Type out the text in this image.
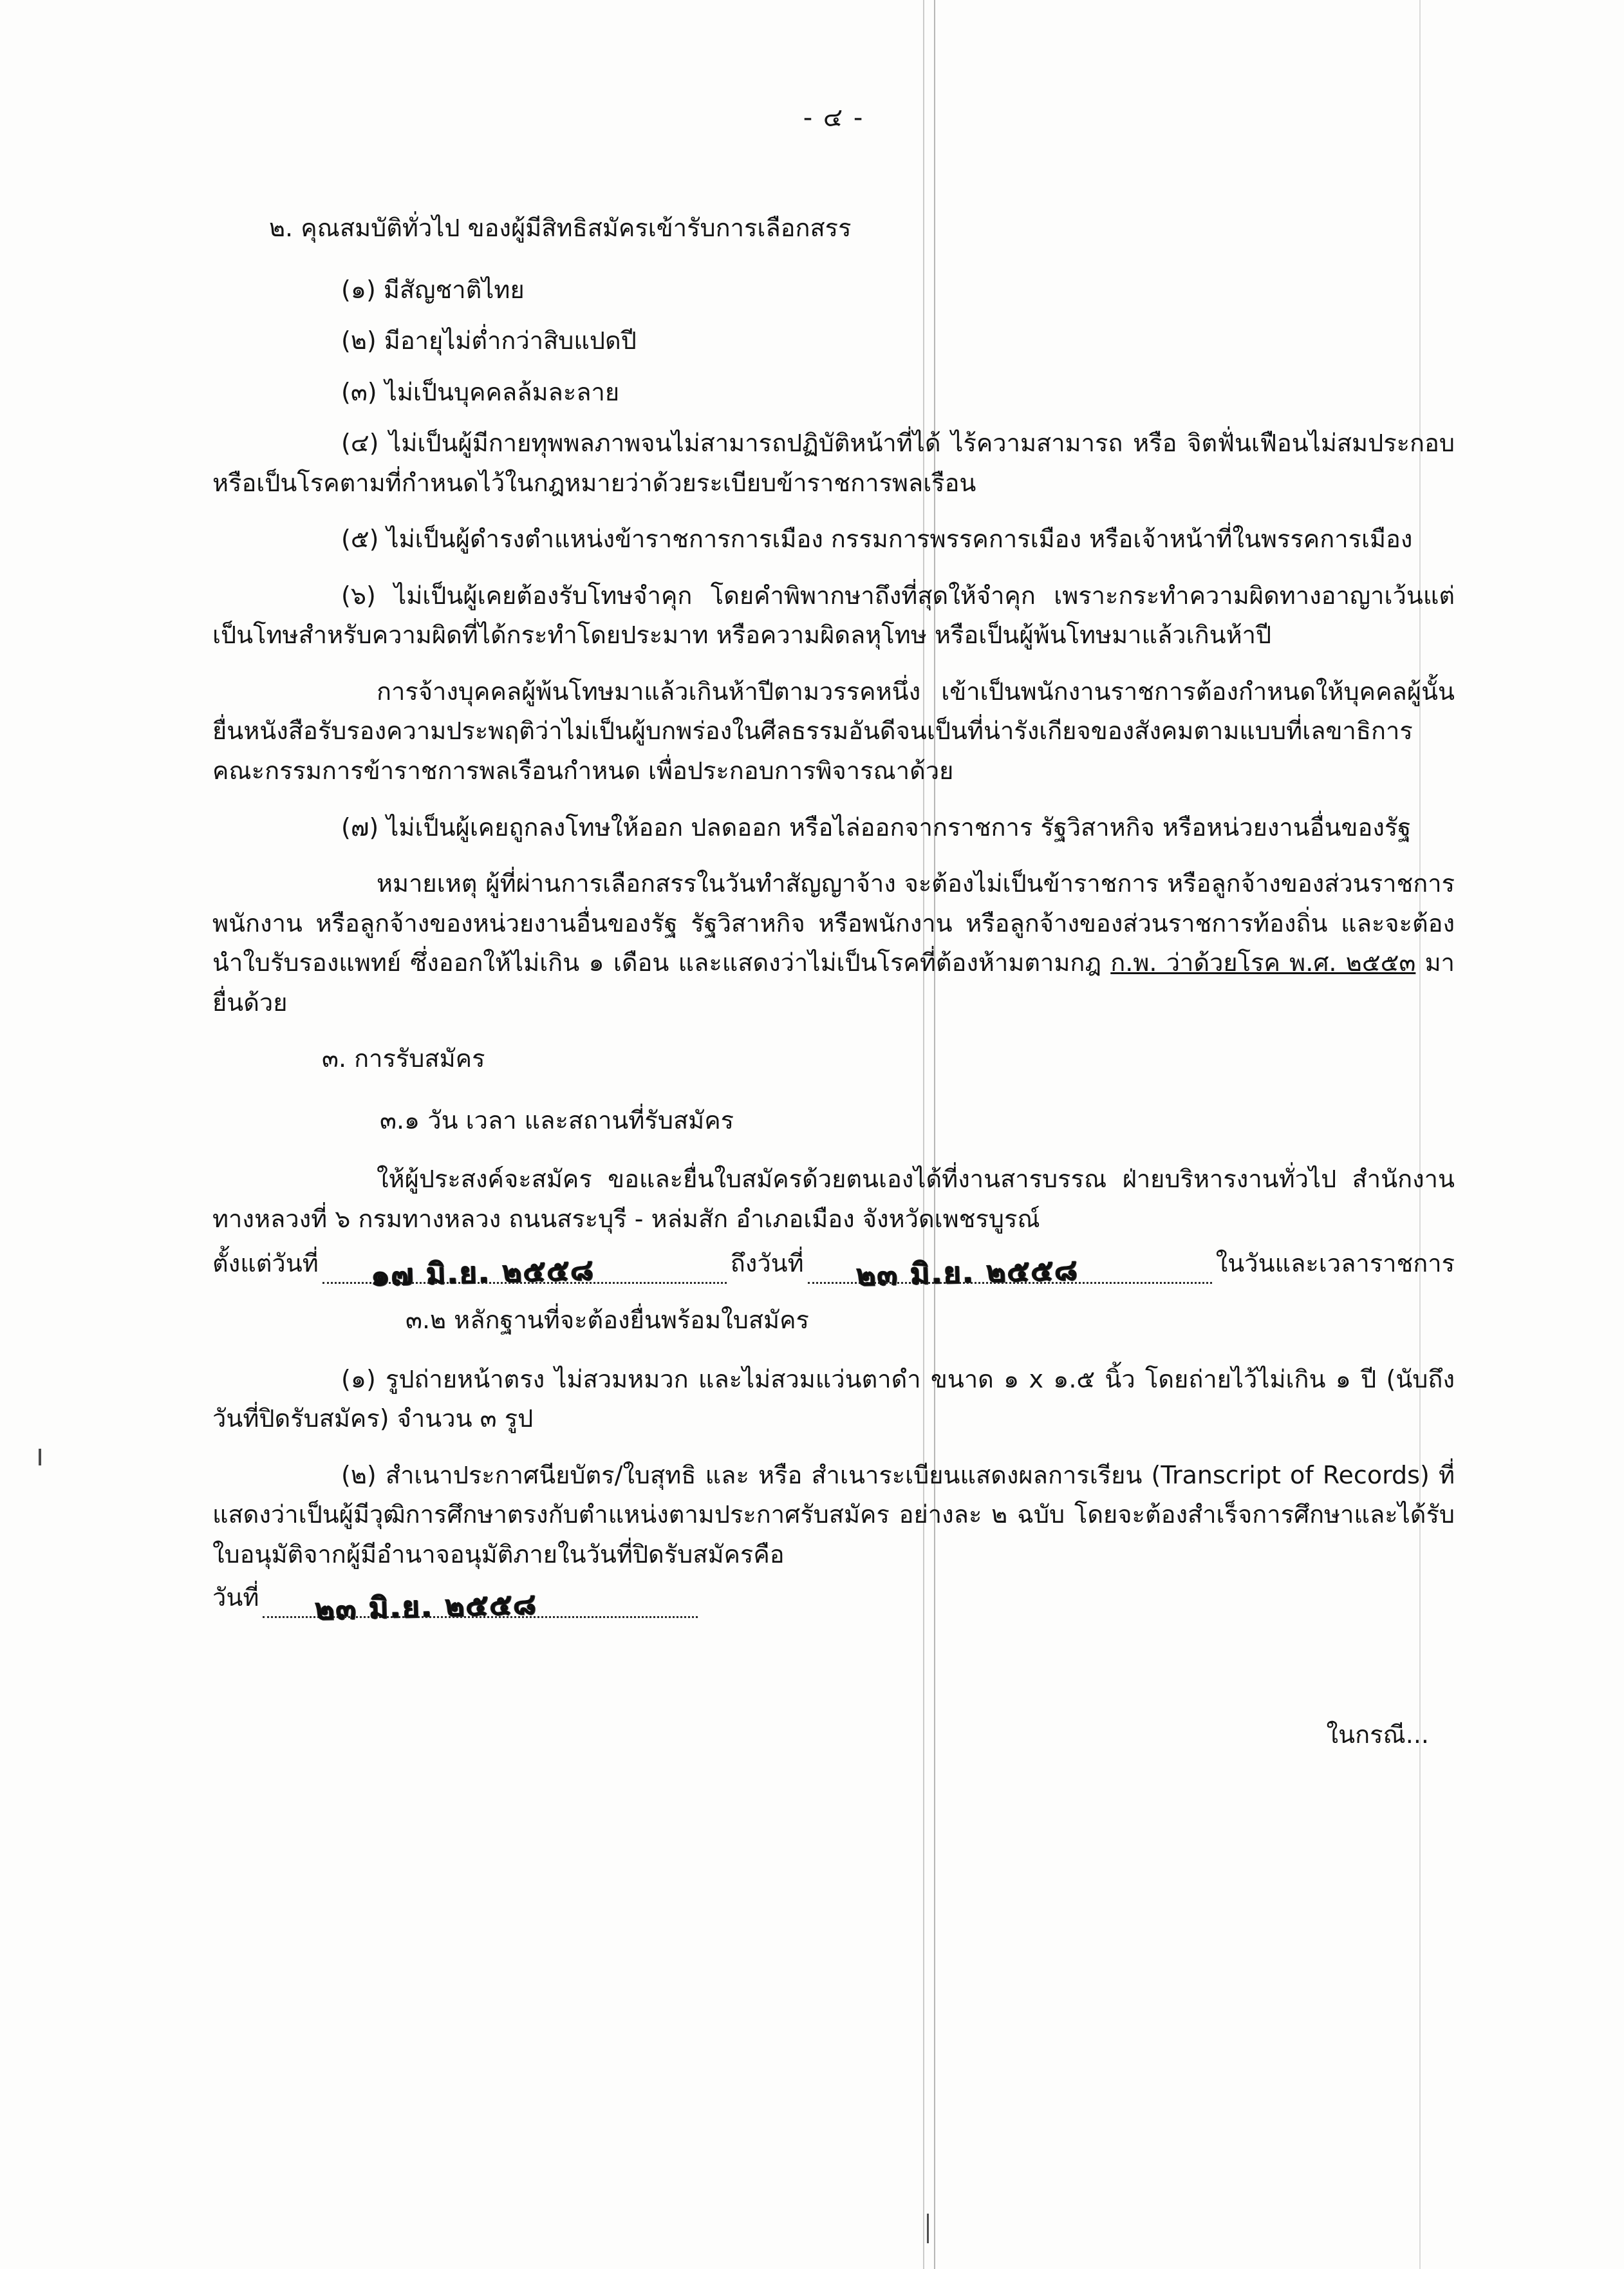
- ๔ -

๒. คุณสมบัติทั่วไป ของผู้มีสิทธิสมัครเข้ารับการเลือกสรร

(๑) มีสัญชาติไทย

(๒) มีอายุไม่ต่ำกว่าสิบแปดปี

(๓) ไม่เป็นบุคคลล้มละลาย

(๔) ไม่เป็นผู้มีกายทุพพลภาพจนไม่สามารถปฏิบัติหน้าที่ได้ ไร้ความสามารถ หรือ จิตฟั่นเฟือนไม่สมประกอบ หรือเป็นโรคตามที่กำหนดไว้ในกฎหมายว่าด้วยระเบียบข้าราชการพลเรือน

(๕) ไม่เป็นผู้ดำรงตำแหน่งข้าราชการการเมือง กรรมการพรรคการเมือง หรือเจ้าหน้าที่ในพรรคการเมือง

(๖) ไม่เป็นผู้เคยต้องรับโทษจำคุก โดยคำพิพากษาถึงที่สุดให้จำคุก เพราะกระทำความผิดทางอาญาเว้นแต่เป็นโทษสำหรับความผิดที่ได้กระทำโดยประมาท หรือความผิดลหุโทษ หรือเป็นผู้พ้นโทษมาแล้วเกินห้าปี

การจ้างบุคคลผู้พ้นโทษมาแล้วเกินห้าปีตามวรรคหนึ่ง เข้าเป็นพนักงานราชการต้องกำหนดให้บุคคลผู้นั้นยื่นหนังสือรับรองความประพฤติว่าไม่เป็นผู้บกพร่องในศีลธรรมอันดีจนเป็นที่น่ารังเกียจของสังคมตามแบบที่เลขาธิการคณะกรรมการข้าราชการพลเรือนกำหนด เพื่อประกอบการพิจารณาด้วย

(๗) ไม่เป็นผู้เคยถูกลงโทษให้ออก ปลดออก หรือไล่ออกจากราชการ รัฐวิสาหกิจ หรือหน่วยงานอื่นของรัฐ

หมายเหตุ ผู้ที่ผ่านการเลือกสรรในวันทำสัญญาจ้าง จะต้องไม่เป็นข้าราชการ หรือลูกจ้างของส่วนราชการ พนักงาน หรือลูกจ้างของหน่วยงานอื่นของรัฐ รัฐวิสาหกิจ หรือพนักงาน หรือลูกจ้างของส่วนราชการท้องถิ่น และจะต้องนำใบรับรองแพทย์ ซึ่งออกให้ไม่เกิน ๑ เดือน และแสดงว่าไม่เป็นโรคที่ต้องห้ามตามกฎ ก.พ. ว่าด้วยโรค พ.ศ. ๒๕๕๓ มายื่นด้วย

๓. การรับสมัคร

๓.๑ วัน เวลา และสถานที่รับสมัคร

ให้ผู้ประสงค์จะสมัคร ขอและยื่นใบสมัครด้วยตนเองได้ที่งานสารบรรณ ฝ่ายบริหารงานทั่วไป สำนักงานทางหลวงที่ ๖ กรมทางหลวง ถนนสระบุรี - หล่มสัก อำเภอเมือง จังหวัดเพชรบูรณ์

ตั้งแต่วันที่ ๑๗ มิ.ย. ๒๕๕๘	ถึงวันที่ ๒๓ มิ.ย. ๒๕๕๘	ในวันและเวลาราชการ

๓.๒ หลักฐานที่จะต้องยื่นพร้อมใบสมัคร

(๑) รูปถ่ายหน้าตรง ไม่สวมหมวก และไม่สวมแว่นตาดำ ขนาด ๑ x ๑.๕ นิ้ว โดยถ่ายไว้ไม่เกิน ๑ ปี (นับถึงวันที่ปิดรับสมัคร) จำนวน ๓ รูป

(๒) สำเนาประกาศนียบัตร/ใบสุทธิ และ หรือ สำเนาระเบียนแสดงผลการเรียน (Transcript of Records) ที่แสดงว่าเป็นผู้มีวุฒิการศึกษาตรงกับตำแหน่งตามประกาศรับสมัคร อย่างละ ๒ ฉบับ โดยจะต้องสำเร็จการศึกษาและได้รับใบอนุมัติจากผู้มีอำนาจอนุมัติภายในวันที่ปิดรับสมัครคือ

วันที่ ๒๓ มิ.ย. ๒๕๕๘
ในกรณี...
